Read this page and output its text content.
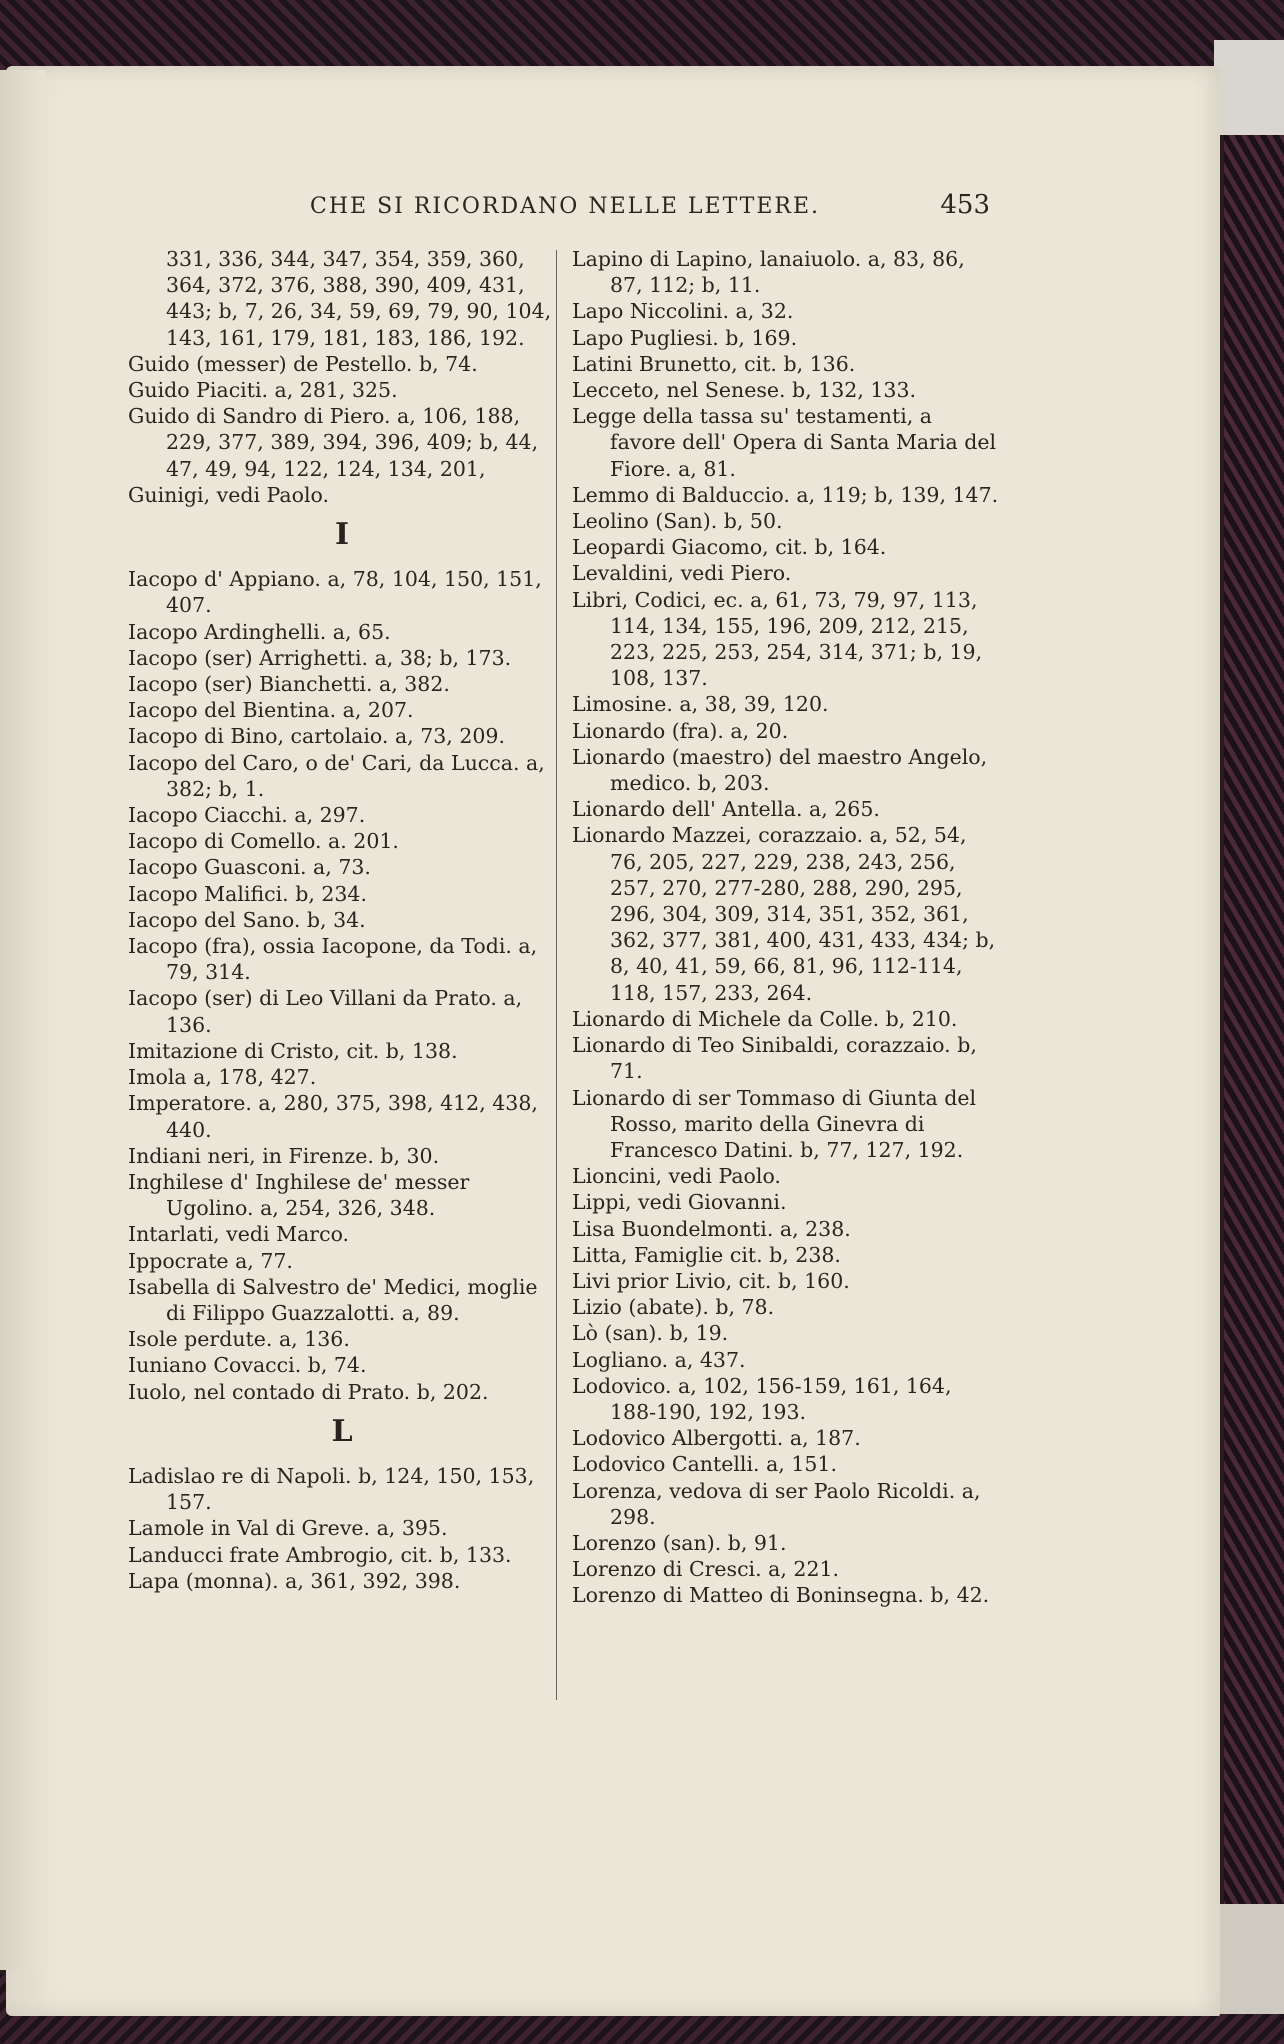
CHE SI RICORDANO NELLE LETTERE.	453

331, 336, 344, 347, 354, 359, 360, 364, 372, 376, 388, 390, 409, 431, 443; b, 7, 26, 34, 59, 69, 79, 90, 104, 143, 161, 179, 181, 183, 186, 192.

Guido (messer) de Pestello. b, 74.

Guido Piaciti. a, 281, 325.

Guido di Sandro di Piero. a, 106, 188, 229, 377, 389, 394, 396, 409; b, 44, 47, 49, 94, 122, 124, 134, 201,

Guinigi, vedi Paolo.

I

Iacopo d' Appiano. a, 78, 104, 150, 151, 407.

Iacopo Ardinghelli. a, 65.

Iacopo (ser) Arrighetti. a, 38; b, 173.

Iacopo (ser) Bianchetti. a, 382.

Iacopo del Bientina. a, 207.

Iacopo di Bino, cartolaio. a, 73, 209.

Iacopo del Caro, o de' Cari, da Lucca. a, 382; b, 1.

Iacopo Ciacchi. a, 297.

Iacopo di Comello. a. 201.

Iacopo Guasconi. a, 73.

Iacopo Malifici. b, 234.

Iacopo del Sano. b, 34.

Iacopo (fra), ossia Iacopone, da Todi. a, 79, 314.

Iacopo (ser) di Leo Villani da Prato. a, 136.

Imitazione di Cristo, cit. b, 138.

Imola a, 178, 427.

Imperatore. a, 280, 375, 398, 412, 438, 440.

Indiani neri, in Firenze. b, 30.

Inghilese d' Inghilese de' messer Ugolino. a, 254, 326, 348.

Intarlati, vedi Marco.

Ippocrate a, 77.

Isabella di Salvestro de' Medici, moglie di Filippo Guazzalotti. a, 89.

Isole perdute. a, 136.

Iuniano Covacci. b, 74.

Iuolo, nel contado di Prato. b, 202.

L

Ladislao re di Napoli. b, 124, 150, 153, 157.

Lamole in Val di Greve. a, 395.

Landucci frate Ambrogio, cit. b, 133.

Lapa (monna). a, 361, 392, 398.

Lapino di Lapino, lanaiuolo. a, 83, 86, 87, 112; b, 11.

Lapo Niccolini. a, 32.

Lapo Pugliesi. b, 169.

Latini Brunetto, cit. b, 136.

Lecceto, nel Senese. b, 132, 133.

Legge della tassa su' testamenti, a favore dell' Opera di Santa Maria del Fiore. a, 81.

Lemmo di Balduccio. a, 119; b, 139, 147.

Leolino (San). b, 50.

Leopardi Giacomo, cit. b, 164.

Levaldini, vedi Piero.

Libri, Codici, ec. a, 61, 73, 79, 97, 113, 114, 134, 155, 196, 209, 212, 215, 223, 225, 253, 254, 314, 371; b, 19, 108, 137.

Limosine. a, 38, 39, 120.

Lionardo (fra). a, 20.

Lionardo (maestro) del maestro Angelo, medico. b, 203.

Lionardo dell' Antella. a, 265.

Lionardo Mazzei, corazzaio. a, 52, 54, 76, 205, 227, 229, 238, 243, 256, 257, 270, 277-280, 288, 290, 295, 296, 304, 309, 314, 351, 352, 361, 362, 377, 381, 400, 431, 433, 434; b, 8, 40, 41, 59, 66, 81, 96, 112-114, 118, 157, 233, 264.

Lionardo di Michele da Colle. b, 210.

Lionardo di Teo Sinibaldi, corazzaio. b, 71.

Lionardo di ser Tommaso di Giunta del Rosso, marito della Ginevra di Francesco Datini. b, 77, 127, 192.

Lioncini, vedi Paolo.

Lippi, vedi Giovanni.

Lisa Buondelmonti. a, 238.

Litta, Famiglie cit. b, 238.

Livi prior Livio, cit. b, 160.

Lizio (abate). b, 78.

Lò (san). b, 19.

Logliano. a, 437.

Lodovico. a, 102, 156-159, 161, 164, 188-190, 192, 193.

Lodovico Albergotti. a, 187.

Lodovico Cantelli. a, 151.

Lorenza, vedova di ser Paolo Ricoldi. a, 298.

Lorenzo (san). b, 91.

Lorenzo di Cresci. a, 221.

Lorenzo di Matteo di Boninsegna. b, 42.
